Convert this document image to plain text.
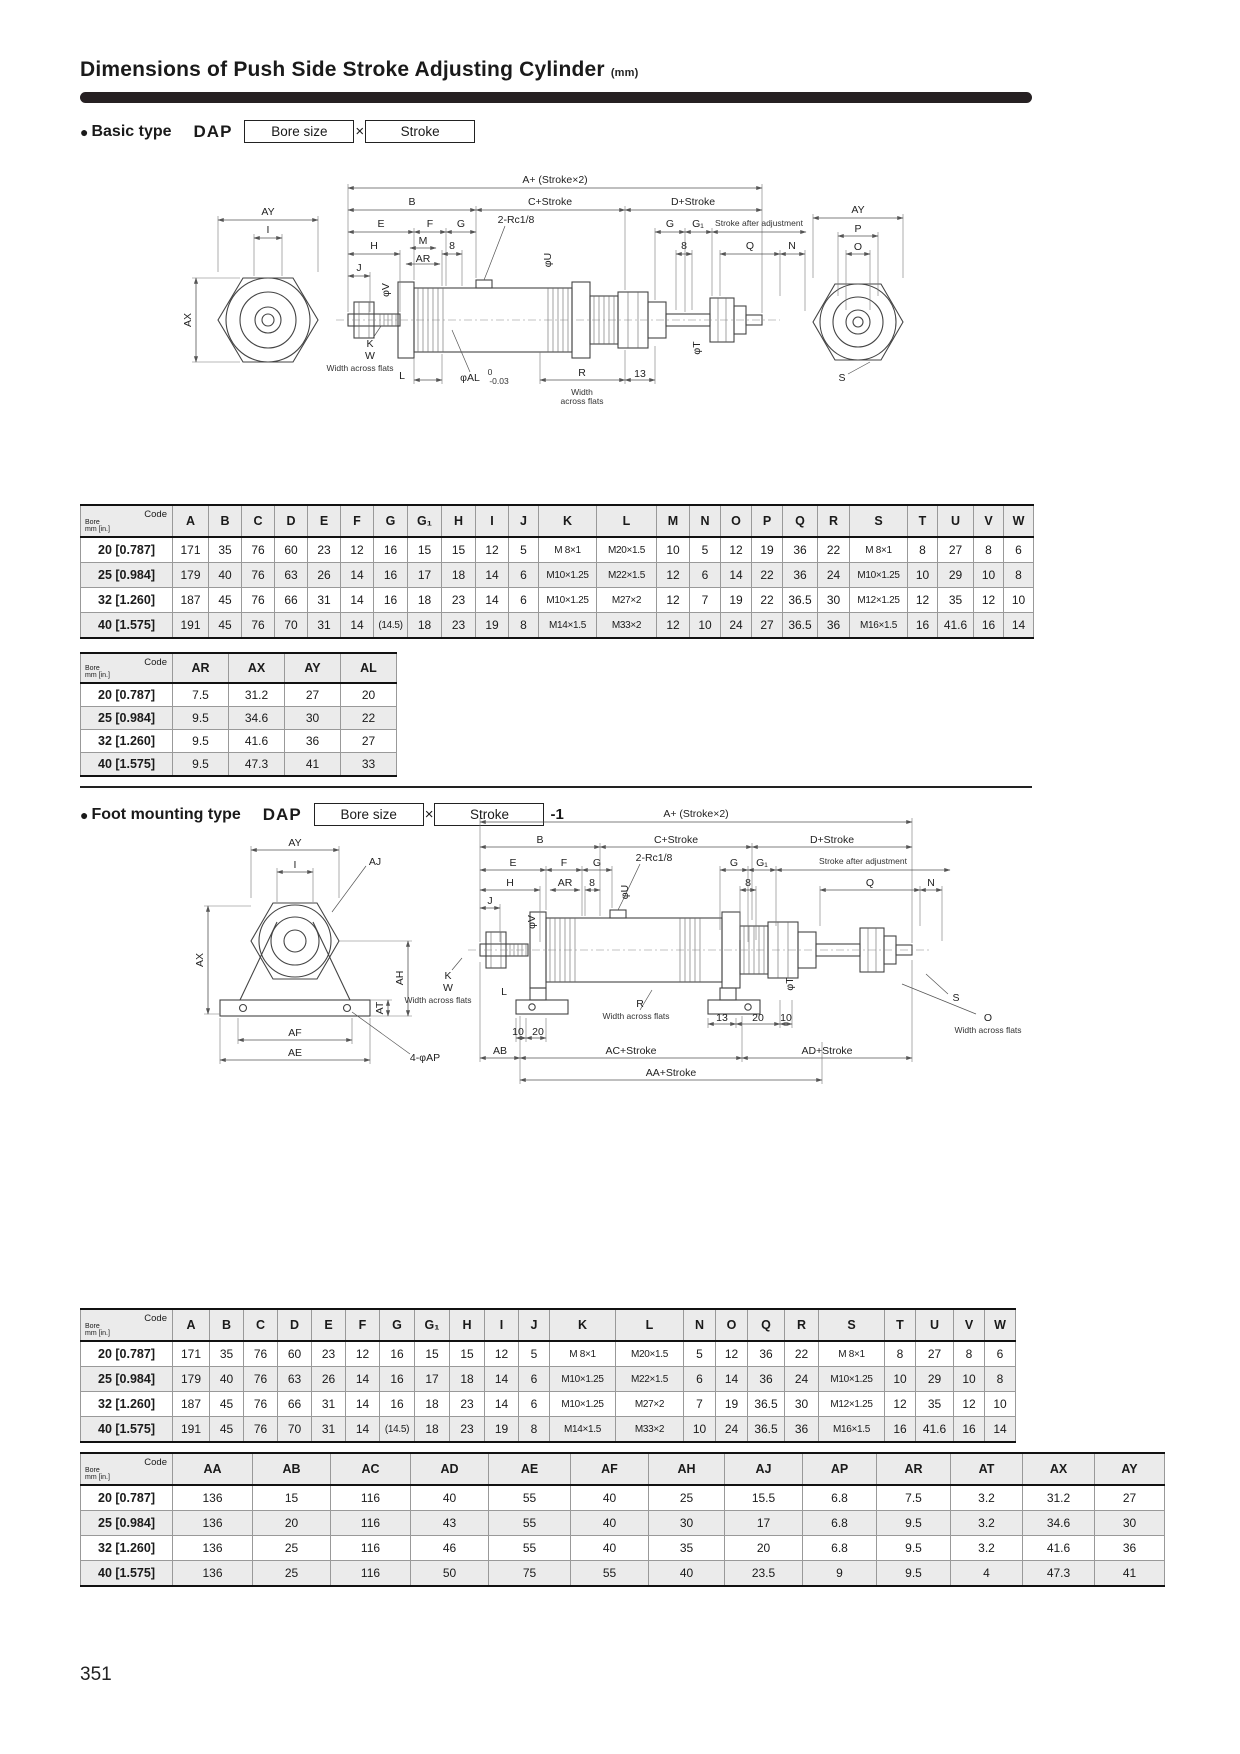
Dimensions of Push Side Stroke Adjusting Cylinder (mm)
● Basic type DAP	Bore size	×	Stroke
A+ (Stroke×2)
B	C+Stroke	D+Stroke
AY	AY
I	E	F G	2-Rc1/8	G G₁ Stroke after adjustment	P
H	M 8
AR
8	Q	N	O
J
φU
φV
AX
K
W
Width across flats
L	φAL 0
-0.03
R	13
Width
across flats
φT
S
Code
Bore
mm [in.]	A	B	C	D	E	F	G	G₁	H	I	J	K	L	M	N	O	P	Q	R	S	T	U	V	W
20 [0.787]	171	35	76	60	23	12	16	15	15	12	5	M 8×1	M20×1.5	10	5	12	19	36	22	M 8×1	8	27	8	6
25 [0.984]	179	40	76	63	26	14	16	17	18	14	6	M10×1.25	M22×1.5	12	6	14	22	36	24	M10×1.25	10	29	10	8
32 [1.260]	187	45	76	66	31	14	16	18	23	14	6	M10×1.25	M27×2	12	7	19	22	36.5	30	M12×1.25	12	35	12	10
40 [1.575]	191	45	76	70	31	14	(14.5)	18	23	19	8	M14×1.5	M33×2	12	10	24	27	36.5	36	M16×1.5	16	41.6	16	14
Code
Bore
mm [in.]	AR	AX	AY	AL
20 [0.787]	7.5	31.2	27	20
25 [0.984]	9.5	34.6	30	22
32 [1.260]	9.5	41.6	36	27
40 [1.575]	9.5	47.3	41	33
● Foot mounting type DAP	Bore size	×	Stroke	-1	A+ (Stroke×2)
B	C+Stroke	D+Stroke
AY
I	AJ	E	F G	2-Rc1/8	G G₁	Stroke after adjustment
H	AR 8	8	Q	N
J
φU
φV
AX
AT
AH	K
W
Width across flats
L
R
Width across flats	13 20 10
10 20
φT
S
O
Width across flats
AF
AE	4-φAP
AB	AC+Stroke	AD+Stroke
AA+Stroke
Code
Bore
mm [in.]	A	B	C	D	E	F	G	G₁	H	I	J	K	L	N	O	Q	R	S	T	U	V	W
20 [0.787]	171	35	76	60	23	12	16	15	15	12	5	M 8×1	M20×1.5	5	12	36	22	M 8×1	8	27	8	6
25 [0.984]	179	40	76	63	26	14	16	17	18	14	6	M10×1.25	M22×1.5	6	14	36	24	M10×1.25	10	29	10	8
32 [1.260]	187	45	76	66	31	14	16	18	23	14	6	M10×1.25	M27×2	7	19	36.5	30	M12×1.25	12	35	12	10
40 [1.575]	191	45	76	70	31	14	(14.5)	18	23	19	8	M14×1.5	M33×2	10	24	36.5	36	M16×1.5	16	41.6	16	14
Code
Bore
mm [in.]	AA	AB	AC	AD	AE	AF	AH	AJ	AP	AR	AT	AX	AY
20 [0.787]	136	15	116	40	55	40	25	15.5	6.8	7.5	3.2	31.2	27
25 [0.984]	136	20	116	43	55	40	30	17	6.8	9.5	3.2	34.6	30
32 [1.260]	136	25	116	46	55	40	35	20	6.8	9.5	3.2	41.6	36
40 [1.575]	136	25	116	50	75	55	40	23.5	9	9.5	4	47.3	41
351
